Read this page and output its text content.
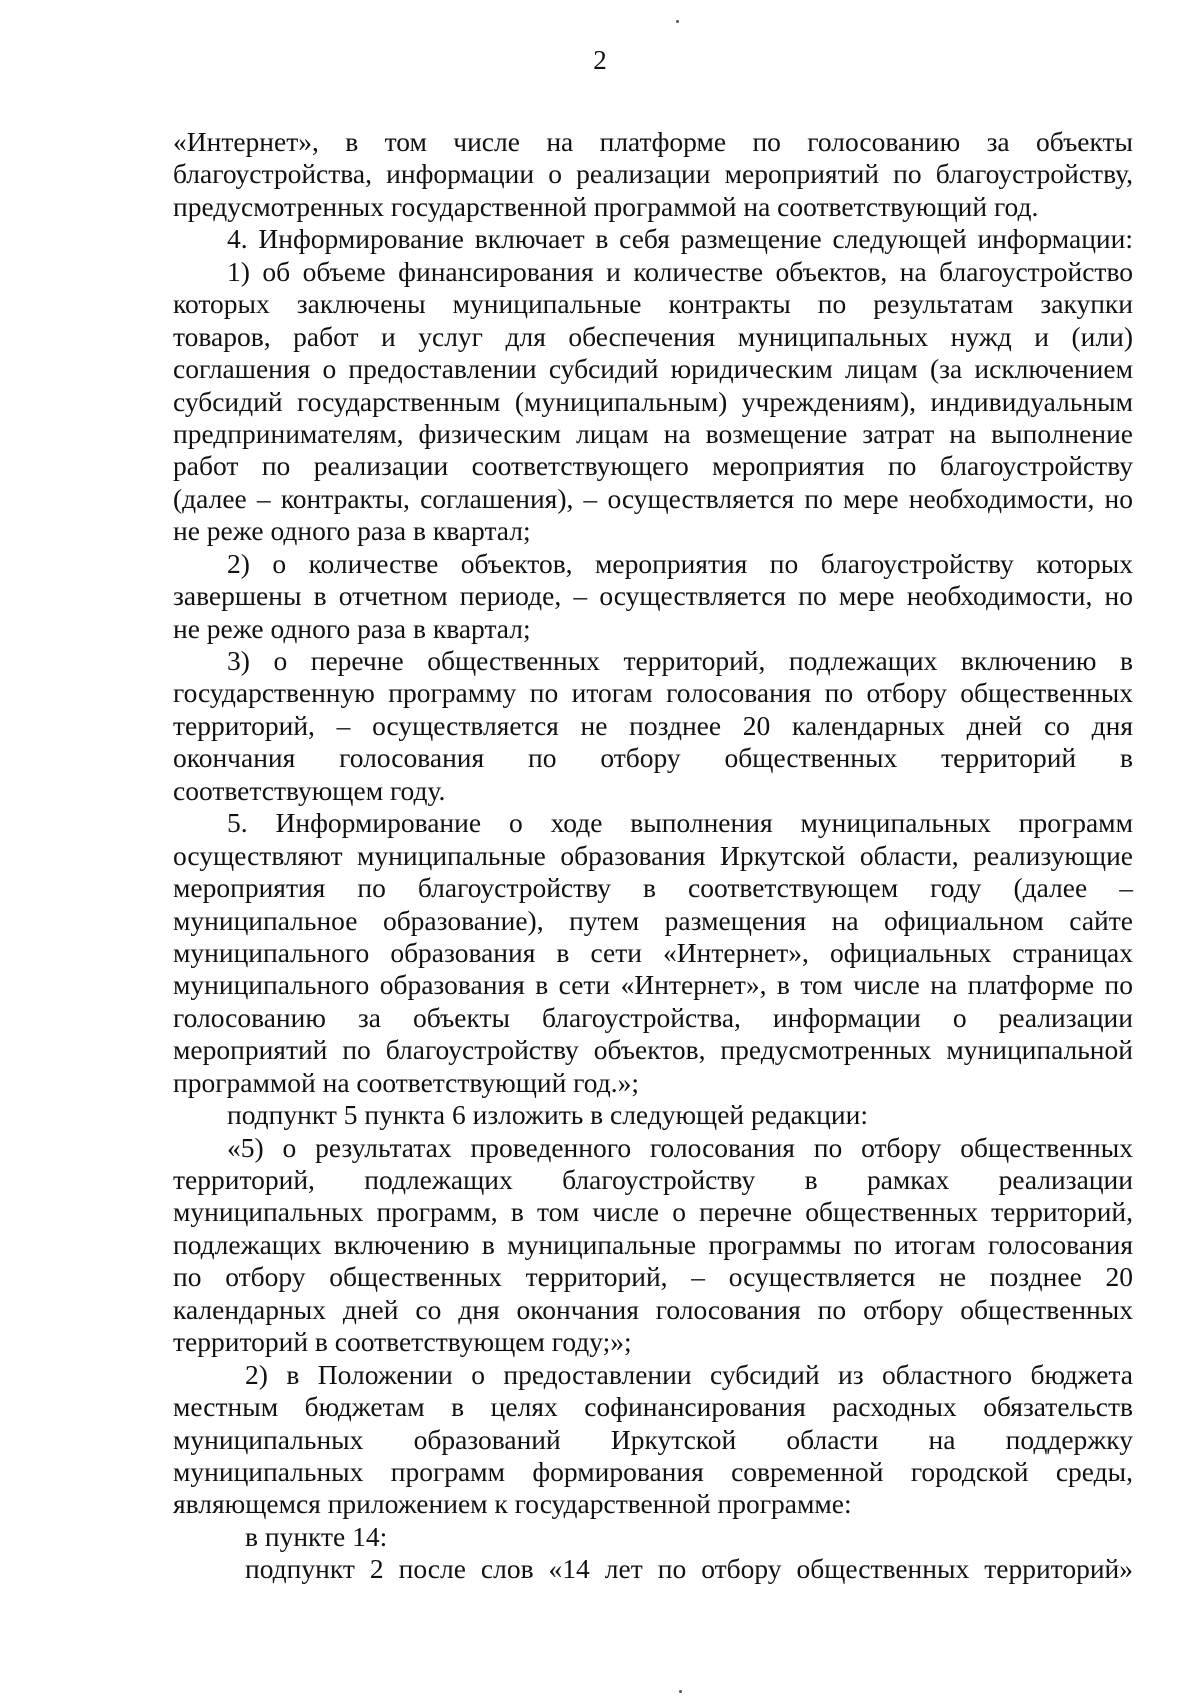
2
«Интернет», в том числе на платформе по голосованию за объекты
благоустройства, информации о реализации мероприятий по благоустройству,
предусмотренных государственной программой на соответствующий год.
4. Информирование включает в себя размещение следующей информации:
1) об объеме финансирования и количестве объектов, на благоустройство
которых заключены муниципальные контракты по результатам закупки
товаров, работ и услуг для обеспечения муниципальных нужд и (или)
соглашения о предоставлении субсидий юридическим лицам (за исключением
субсидий государственным (муниципальным) учреждениям), индивидуальным
предпринимателям, физическим лицам на возмещение затрат на выполнение
работ по реализации соответствующего мероприятия по благоустройству
(далее – контракты, соглашения), – осуществляется по мере необходимости, но
не реже одного раза в квартал;
2) о количестве объектов, мероприятия по благоустройству которых
завершены в отчетном периоде, – осуществляется по мере необходимости, но
не реже одного раза в квартал;
3) о перечне общественных территорий, подлежащих включению в
государственную программу по итогам голосования по отбору общественных
территорий, – осуществляется не позднее 20 календарных дней со дня
окончания голосования по отбору общественных территорий в
соответствующем году.
5. Информирование о ходе выполнения муниципальных программ
осуществляют муниципальные образования Иркутской области, реализующие
мероприятия по благоустройству в соответствующем году (далее –
муниципальное образование), путем размещения на официальном сайте
муниципального образования в сети «Интернет», официальных страницах
муниципального образования в сети «Интернет», в том числе на платформе по
голосованию за объекты благоустройства, информации о реализации
мероприятий по благоустройству объектов, предусмотренных муниципальной
программой на соответствующий год.»;
подпункт 5 пункта 6 изложить в следующей редакции:
«5) о результатах проведенного голосования по отбору общественных
территорий, подлежащих благоустройству в рамках реализации
муниципальных программ, в том числе о перечне общественных территорий,
подлежащих включению в муниципальные программы по итогам голосования
по отбору общественных территорий, – осуществляется не позднее 20
календарных дней со дня окончания голосования по отбору общественных
территорий в соответствующем году;»;
2) в Положении о предоставлении субсидий из областного бюджета
местным бюджетам в целях софинансирования расходных обязательств
муниципальных образований Иркутской области на поддержку
муниципальных программ формирования современной городской среды,
являющемся приложением к государственной программе:
в пункте 14:
подпункт 2 после слов «14 лет по отбору общественных территорий»
